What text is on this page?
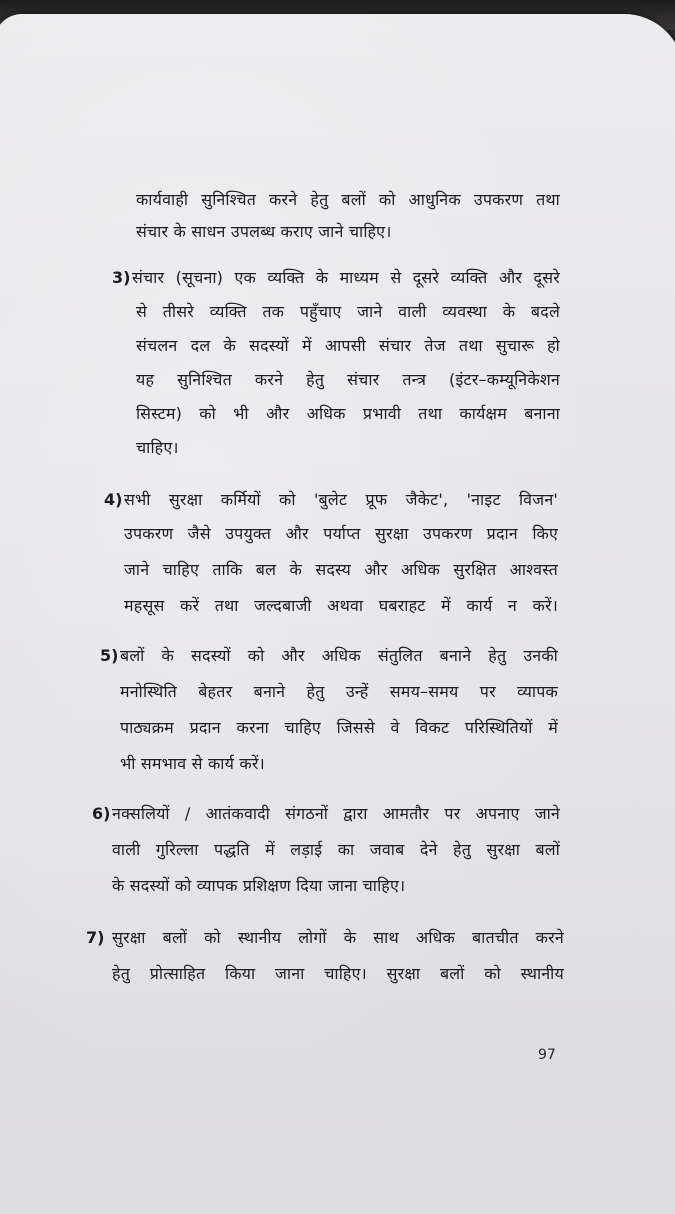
कार्यवाही सुनिश्चित करने हेतु बलों को आधुनिक उपकरण तथा

संचार के साधन उपलब्ध कराए जाने चाहिए।

3) संचार (सूचना) एक व्यक्ति के माध्यम से दूसरे व्यक्ति और दूसरे

से तीसरे व्यक्ति तक पहुँचाए जाने वाली व्यवस्था के बदले

संचलन दल के सदस्यों में आपसी संचार तेज तथा सुचारू हो

यह सुनिश्चित करने हेतु संचार तन्त्र (इंटर–कम्यूनिकेशन

सिस्टम) को भी और अधिक प्रभावी तथा कार्यक्षम बनाना

चाहिए।

4) सभी सुरक्षा कर्मियों को 'बुलेट प्रूफ जैकेट', 'नाइट विजन'

उपकरण जैसे उपयुक्त और पर्याप्त सुरक्षा उपकरण प्रदान किए

जाने चाहिए ताकि बल के सदस्य और अधिक सुरक्षित आश्वस्त

महसूस करें तथा जल्दबाजी अथवा घबराहट में कार्य न करें।

5) बलों के सदस्यों को और अधिक संतुलित बनाने हेतु उनकी

मनोस्थिति बेहतर बनाने हेतु उन्हें समय–समय पर व्यापक

पाठ्यक्रम प्रदान करना चाहिए जिससे वे विकट परिस्थितियों में

भी समभाव से कार्य करें।

6) नक्सलियों / आतंकवादी संगठनों द्वारा आमतौर पर अपनाए जाने

वाली गुरिल्ला पद्धति में लड़ाई का जवाब देने हेतु सुरक्षा बलों

के सदस्यों को व्यापक प्रशिक्षण दिया जाना चाहिए।

7) सुरक्षा बलों को स्थानीय लोगों के साथ अधिक बातचीत करने

हेतु प्रोत्साहित किया जाना चाहिए। सुरक्षा बलों को स्थानीय

97
